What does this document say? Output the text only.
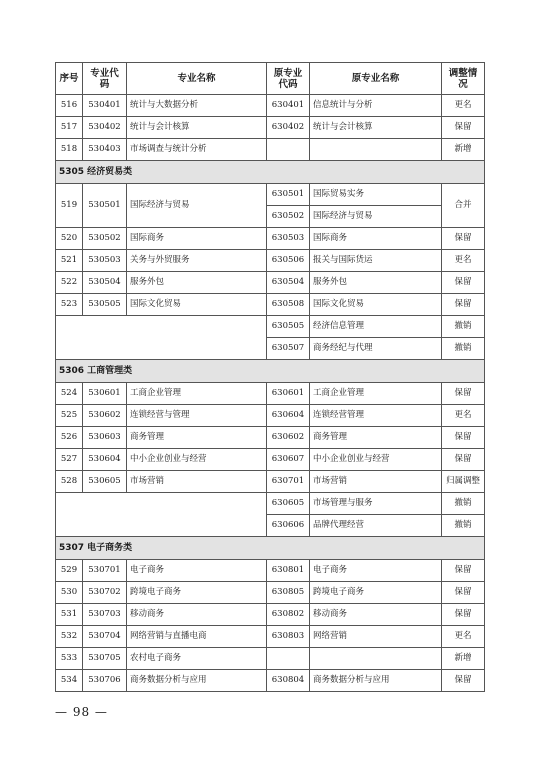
序号	专业代码	专业名称	原专业代码	原专业名称	调整情况
516	530401	统计与大数据分析	630401	信息统计与分析	更名
517	530402	统计与会计核算	630402	统计与会计核算	保留
518	530403	市场调查与统计分析			新增
5305 经济贸易类					
519	530501	国际经济与贸易	630501	国际贸易实务	合并
			630502	国际经济与贸易	
520	530502	国际商务	630503	国际商务	保留
521	530503	关务与外贸服务	630506	报关与国际货运	更名
522	530504	服务外包	630504	服务外包	保留
523	530505	国际文化贸易	630508	国际文化贸易	保留
			630505	经济信息管理	撤销
			630507	商务经纪与代理	撤销
5306 工商管理类					
524	530601	工商企业管理	630601	工商企业管理	保留
525	530602	连锁经营与管理	630604	连锁经营管理	更名
526	530603	商务管理	630602	商务管理	保留
527	530604	中小企业创业与经营	630607	中小企业创业与经营	保留
528	530605	市场营销	630701	市场营销	归属调整
			630605	市场管理与服务	撤销
			630606	品牌代理经营	撤销
5307 电子商务类					
529	530701	电子商务	630801	电子商务	保留
530	530702	跨境电子商务	630805	跨境电子商务	保留
531	530703	移动商务	630802	移动商务	保留
532	530704	网络营销与直播电商	630803	网络营销	更名
533	530705	农村电子商务			新增
534	530706	商务数据分析与应用	630804	商务数据分析与应用	保留
— 98 —
